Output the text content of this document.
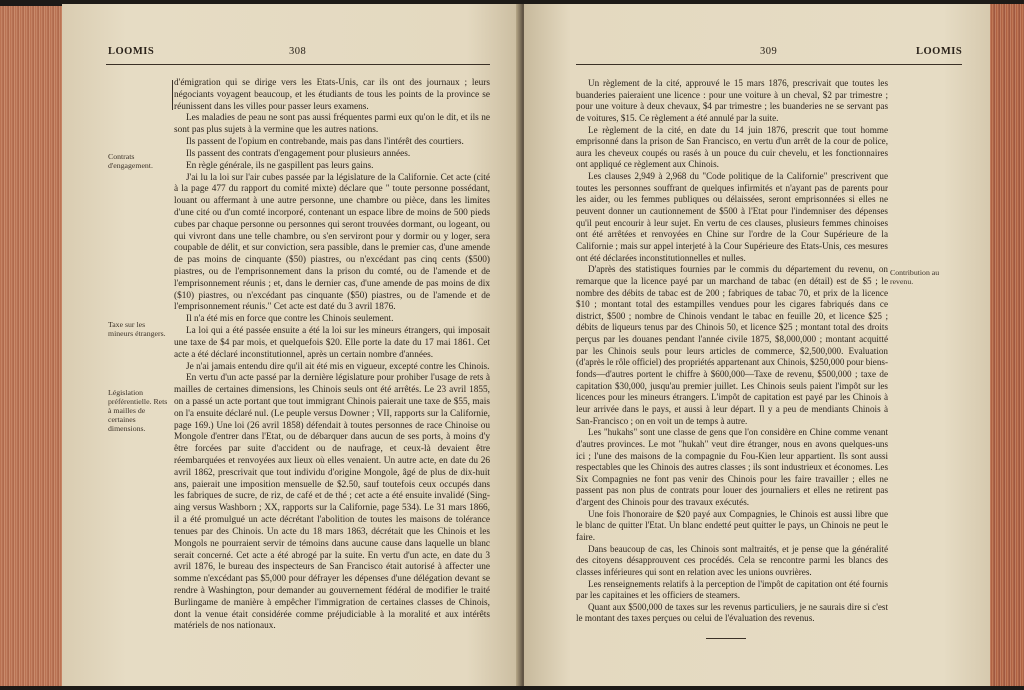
LOOMIS	308
Contrats d'engagement.
Taxe sur les mineurs étrangers.
Législation préférentielle. Rets à mailles de certaines dimensions.

d'émigration qui se dirige vers les Etats-Unis, car ils ont des journaux ; leurs négociants voyagent beaucoup, et les étudiants de tous les points de la province se réunissent dans les villes pour passer leurs examens.

Les maladies de peau ne sont pas aussi fréquentes parmi eux qu'on le dit, et ils ne sont pas plus sujets à la vermine que les autres nations.

Ils passent de l'opium en contrebande, mais pas dans l'intérêt des courtiers.

Ils passent des contrats d'engagement pour plusieurs années.

En règle générale, ils ne gaspillent pas leurs gains.

J'ai lu la loi sur l'air cubes passée par la législature de la Californie. Cet acte (cité à la page 477 du rapport du comité mixte) déclare que " toute personne possédant, louant ou affermant à une autre personne, une chambre ou pièce, dans les limites d'une cité ou d'un comté incorporé, contenant un espace libre de moins de 500 pieds cubes par chaque personne ou personnes qui seront trouvées dormant, ou logeant, ou qui vivront dans une telle chambre, ou s'en serviront pour y dormir ou y loger, sera coupable de délit, et sur conviction, sera passible, dans le premier cas, d'une amende de pas moins de cinquante ($50) piastres, ou n'excédant pas cinq cents ($500) piastres, ou de l'emprisonnement dans la prison du comté, ou de l'amende et de l'emprisonnement réunis ; et, dans le dernier cas, d'une amende de pas moins de dix ($10) piastres, ou n'excédant pas cinquante ($50) piastres, ou de l'amende et de l'emprisonnement réunis." Cet acte est daté du 3 avril 1876.

Il n'a été mis en force que contre les Chinois seulement.

La loi qui a été passée ensuite a été la loi sur les mineurs étrangers, qui imposait une taxe de $4 par mois, et quelquefois $20. Elle porte la date du 17 mai 1861. Cet acte a été déclaré inconstitutionnel, après un certain nombre d'années.

Je n'ai jamais entendu dire qu'il ait été mis en vigueur, excepté contre les Chinois.

En vertu d'un acte passé par la dernière législature pour prohiber l'usage de rets à mailles de certaines dimensions, les Chinois seuls ont été arrêtés. Le 23 avril 1855, on a passé un acte portant que tout immigrant Chinois paierait une taxe de $55, mais on l'a ensuite déclaré nul. (Le peuple versus Downer ; VII, rapports sur la Californie, page 169.) Une loi (26 avril 1858) défendait à toutes personnes de race Chinoise ou Mongole d'entrer dans l'Etat, ou de débarquer dans aucun de ses ports, à moins d'y être forcées par suite d'accident ou de naufrage, et ceux-là devaient être réembarquées et renvoyées aux lieux où elles venaient. Un autre acte, en date du 26 avril 1862, prescrivait que tout individu d'origine Mongole, âgé de plus de dix-huit ans, paierait une imposition mensuelle de $2.50, sauf toutefois ceux occupés dans les fabriques de sucre, de riz, de café et de thé ; cet acte a été ensuite invalidé (Sing-aing versus Washborn ; XX, rapports sur la Californie, page 534). Le 31 mars 1866, il a été promulgué un acte décrétant l'abolition de toutes les maisons de tolérance tenues par des Chinois. Un acte du 18 mars 1863, décrétait que les Chinois et les Mongols ne pourraient servir de témoins dans aucune cause dans laquelle un blanc serait concerné. Cet acte a été abrogé par la suite. En vertu d'un acte, en date du 3 avril 1876, le bureau des inspecteurs de San Francisco était autorisé à affecter une somme n'excédant pas $5,000 pour défrayer les dépenses d'une délégation devant se rendre à Washington, pour demander au gouvernement fédéral de modifier le traité Burlingame de manière à empêcher l'immigration de certaines classes de Chinois, dont la venue était considérée comme préjudiciable à la moralité et aux intérêts matériels de nos nationaux.

309	LOOMIS
Contribution au revenu.

Un règlement de la cité, approuvé le 15 mars 1876, prescrivait que toutes les buanderies paieraient une licence : pour une voiture à un cheval, $2 par trimestre ; pour une voiture à deux chevaux, $4 par trimestre ; les buanderies ne se servant pas de voitures, $15. Ce règlement a été annulé par la suite.

Le règlement de la cité, en date du 14 juin 1876, prescrit que tout homme emprisonné dans la prison de San Francisco, en vertu d'un arrêt de la cour de police, aura les cheveux coupés ou rasés à un pouce du cuir chevelu, et les fonctionnaires ont appliqué ce règlement aux Chinois.

Les clauses 2,949 à 2,968 du "Code politique de la Californie" prescrivent que toutes les personnes souffrant de quelques infirmités et n'ayant pas de parents pour les aider, ou les femmes publiques ou délaissées, seront emprisonnées si elles ne peuvent donner un cautionnement de $500 à l'Etat pour l'indemniser des dépenses qu'il peut encourir à leur sujet. En vertu de ces clauses, plusieurs femmes chinoises ont été arrêtées et renvoyées en Chine sur l'ordre de la Cour Supérieure de la Californie ; mais sur appel interjeté à la Cour Supérieure des Etats-Unis, ces mesures ont été déclarées inconstitutionnelles et nulles.

D'après des statistiques fournies par le commis du département du revenu, on remarque que la licence payé par un marchand de tabac (en détail) est de $5 ; le nombre des débits de tabac est de 200 ; fabriques de tabac 70, et prix de la licence $10 ; montant total des estampilles vendues pour les cigares fabriqués dans ce district, $500 ; nombre de Chinois vendant le tabac en feuille 20, et licence $25 ; débits de liqueurs tenus par des Chinois 50, et licence $25 ; montant total des droits perçus par les douanes pendant l'année civile 1875, $8,000,000 ; montant acquitté par les Chinois seuls pour leurs articles de commerce, $2,500,000. Evaluation (d'après le rôle officiel) des propriétés appartenant aux Chinois, $250,000 pour biens-fonds—d'autres portent le chiffre à $600,000—Taxe de revenu, $500,000 ; taxe de capitation $30,000, jusqu'au premier juillet. Les Chinois seuls paient l'impôt sur les licences pour les mineurs étrangers. L'impôt de capitation est payé par les Chinois à leur arrivée dans le pays, et aussi à leur départ. Il y a peu de mendiants Chinois à San-Francisco ; on en voit un de temps à autre.

Les "hukahs" sont une classe de gens que l'on considère en Chine comme venant d'autres provinces. Le mot "hukah" veut dire étranger, nous en avons quelques-uns ici ; l'une des maisons de la compagnie du Fou-Kien leur appartient. Ils sont aussi respectables que les Chinois des autres classes ; ils sont industrieux et économes. Les Six Compagnies ne font pas venir des Chinois pour les faire travailler ; elles ne passent pas non plus de contrats pour louer des journaliers et elles ne retirent pas d'argent des Chinois pour des travaux exécutés.

Une fois l'honoraire de $20 payé aux Compagnies, le Chinois est aussi libre que le blanc de quitter l'Etat. Un blanc endetté peut quitter le pays, un Chinois ne peut le faire.

Dans beaucoup de cas, les Chinois sont maltraités, et je pense que la généralité des citoyens désapprouvent ces procédés. Cela se rencontre parmi les blancs des classes inférieures qui sont en relation avec les unions ouvrières.

Les renseignements relatifs à la perception de l'impôt de capitation ont été fournis par les capitaines et les officiers de steamers.

Quant aux $500,000 de taxes sur les revenus particuliers, je ne saurais dire si c'est le montant des taxes perçues ou celui de l'évaluation des revenus.
